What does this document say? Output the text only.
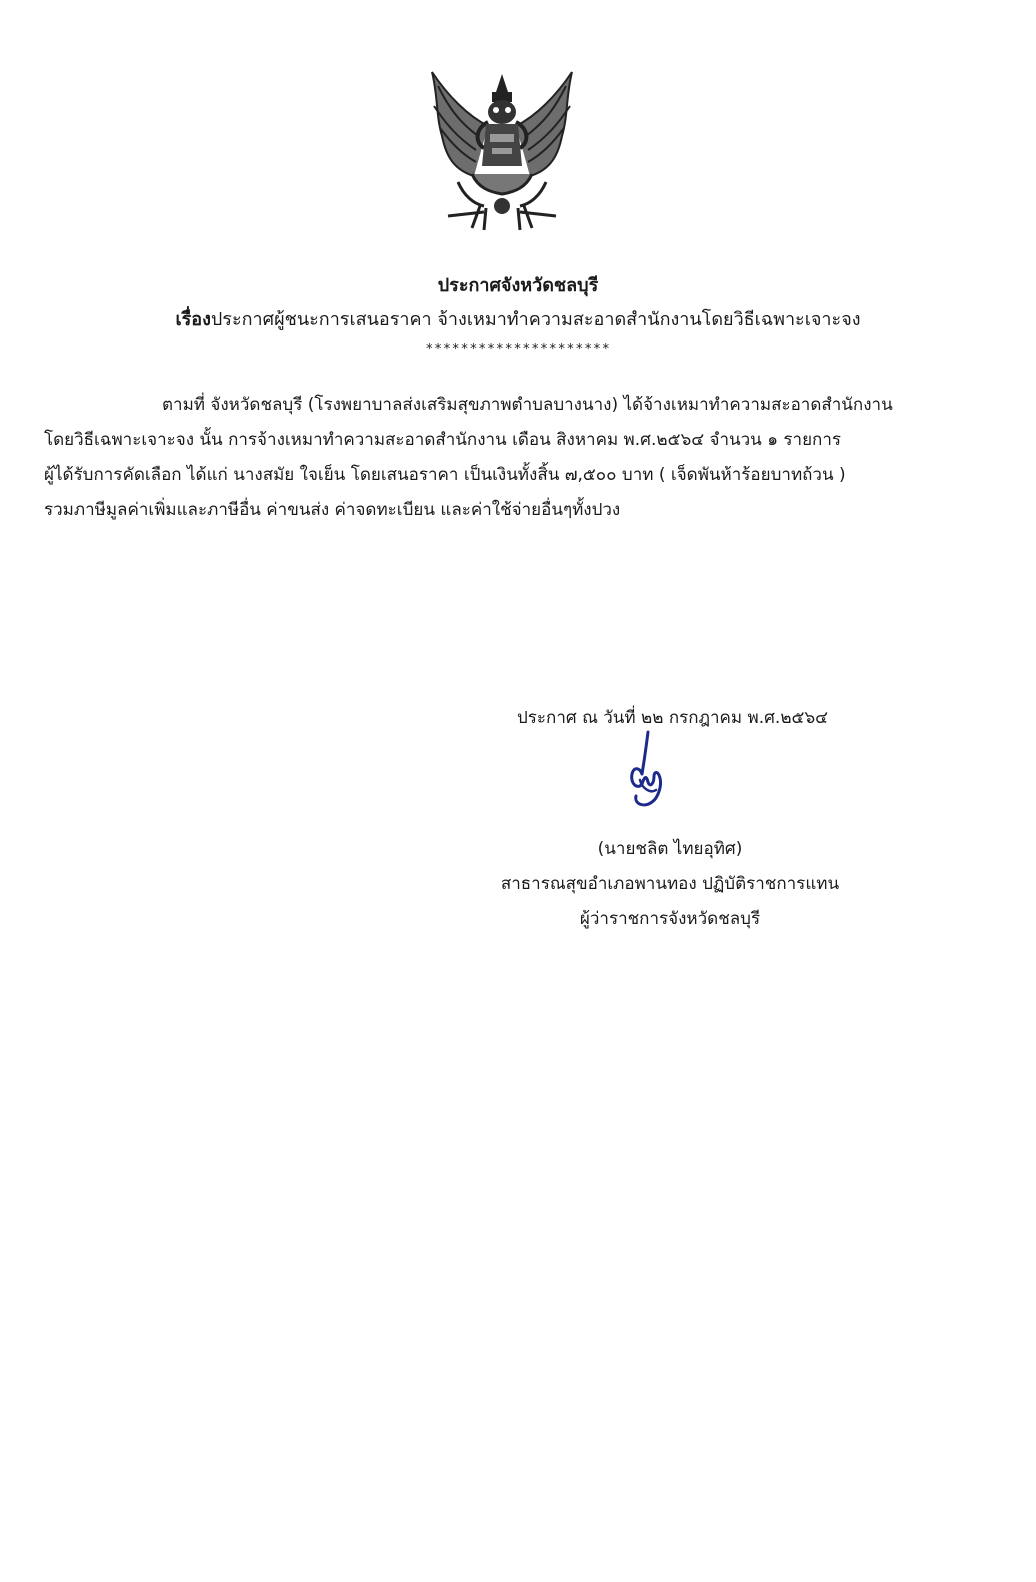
ประกาศจังหวัดชลบุรี
เรื่องประกาศผู้ชนะการเสนอราคา จ้างเหมาทำความสะอาดสำนักงานโดยวิธีเฉพาะเจาะจง
*********************
ตามที่ จังหวัดชลบุรี (โรงพยาบาลส่งเสริมสุขภาพตำบลบางนาง) ได้จ้างเหมาทำความสะอาดสำนักงาน
โดยวิธีเฉพาะเจาะจง นั้น การจ้างเหมาทำความสะอาดสำนักงาน เดือน สิงหาคม พ.ศ.๒๕๖๔ จำนวน ๑ รายการ
ผู้ได้รับการคัดเลือก ได้แก่ นางสมัย ใจเย็น โดยเสนอราคา เป็นเงินทั้งสิ้น ๗,๕๐๐ บาท ( เจ็ดพันห้าร้อยบาทถ้วน )
รวมภาษีมูลค่าเพิ่มและภาษีอื่น ค่าขนส่ง ค่าจดทะเบียน และค่าใช้จ่ายอื่นๆทั้งปวง
ประกาศ ณ วันที่ ๒๒ กรกฎาคม พ.ศ.๒๕๖๔
(นายชลิต ไทยอุทิศ)
สาธารณสุขอำเภอพานทอง ปฏิบัติราชการแทน
ผู้ว่าราชการจังหวัดชลบุรี
